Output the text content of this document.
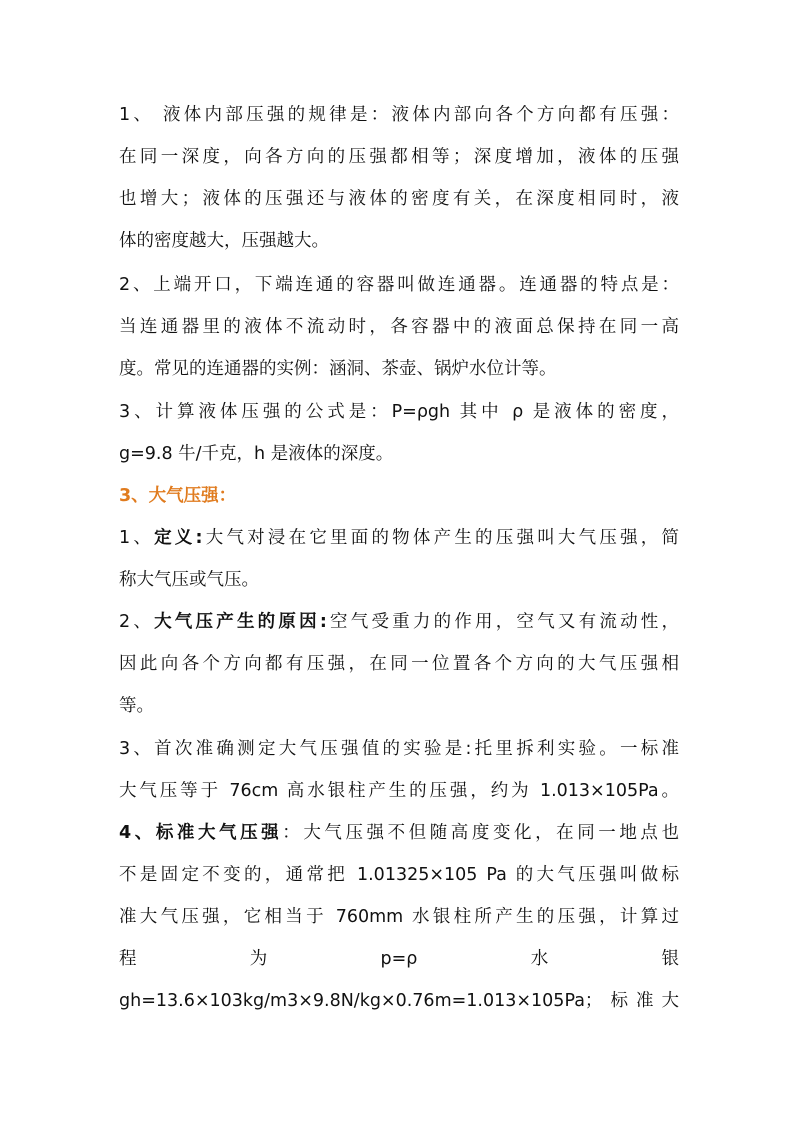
1、 液体内部压强的规律是：液体内部向各个方向都有压强：
在同一深度，向各方向的压强都相等；深度增加，液体的压强
也增大；液体的压强还与液体的密度有关，在深度相同时，液
体的密度越大，压强越大。
2、上端开口，下端连通的容器叫做连通器。连通器的特点是：
当连通器里的液体不流动时，各容器中的液面总保持在同一高
度。常见的连通器的实例：涵洞、茶壶、锅炉水位计等。
3、计算液体压强的公式是：P=ρgh 其中 ρ 是液体的密度，
g=9.8 牛/千克，h 是液体的深度。
3、大气压强：
1、定义:大气对浸在它里面的物体产生的压强叫大气压强，简
称大气压或气压。
2、大气压产生的原因:空气受重力的作用，空气又有流动性，
因此向各个方向都有压强，在同一位置各个方向的大气压强相
等。
3、首次准确测定大气压强值的实验是:托里拆利实验。一标准
大气压等于 76cm 高水银柱产生的压强，约为 1.013×105Pa。
4、标准大气压强：大气压强不但随高度变化，在同一地点也
不是固定不变的，通常把 1.01325×105 Pa 的大气压强叫做标
准大气压强，它相当于 760mm 水银柱所产生的压强，计算过
程	为	p=ρ	水	银
gh=13.6×103kg/m3×9.8N/kg×0.76m=1.013×105Pa；标准大
